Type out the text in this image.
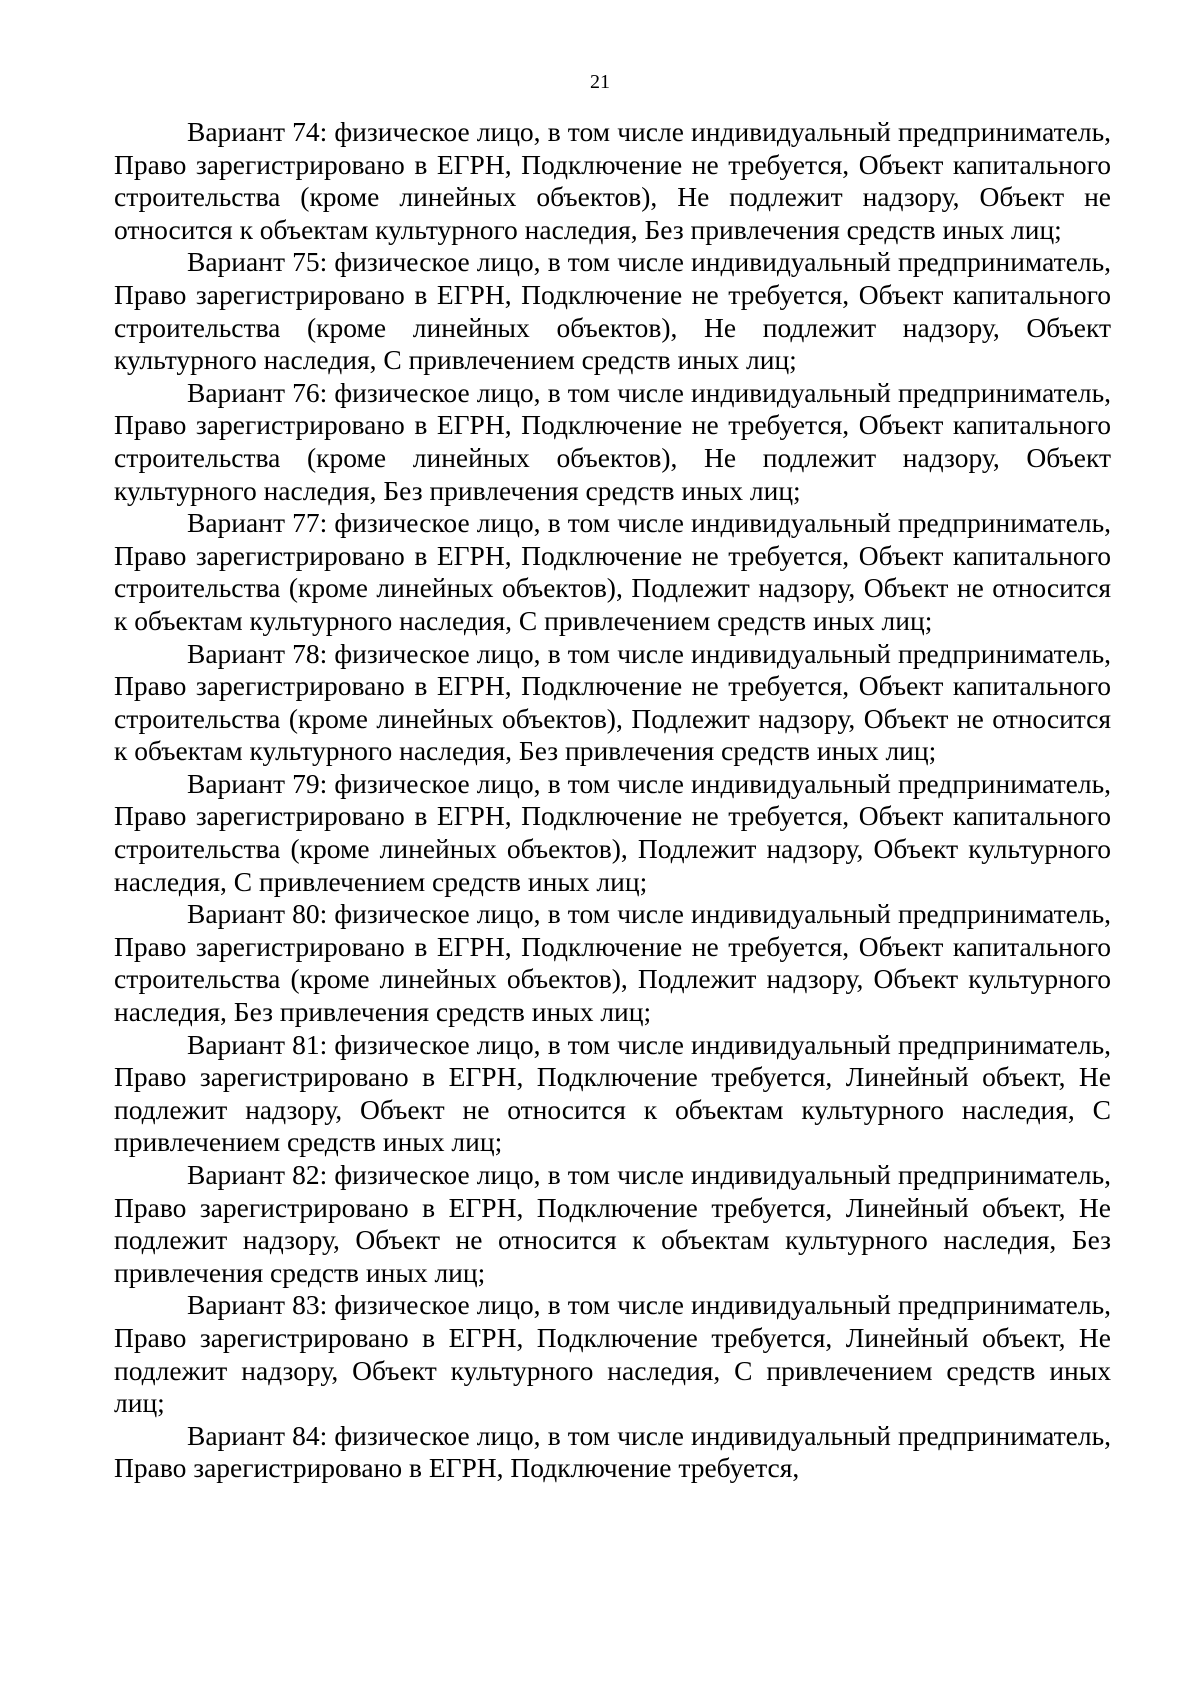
21

Вариант 74: физическое лицо, в том числе индивидуальный предприниматель, Право зарегистрировано в ЕГРН, Подключение не требуется, Объект капитального строительства (кроме линейных объектов), Не подлежит надзору, Объект не относится к объектам культурного наследия, Без привлечения средств иных лиц;

Вариант 75: физическое лицо, в том числе индивидуальный предприниматель, Право зарегистрировано в ЕГРН, Подключение не требуется, Объект капитального строительства (кроме линейных объектов), Не подлежит надзору, Объект культурного наследия, С привлечением средств иных лиц;

Вариант 76: физическое лицо, в том числе индивидуальный предприниматель, Право зарегистрировано в ЕГРН, Подключение не требуется, Объект капитального строительства (кроме линейных объектов), Не подлежит надзору, Объект культурного наследия, Без привлечения средств иных лиц;

Вариант 77: физическое лицо, в том числе индивидуальный предприниматель, Право зарегистрировано в ЕГРН, Подключение не требуется, Объект капитального строительства (кроме линейных объектов), Подлежит надзору, Объект не относится к объектам культурного наследия, С привлечением средств иных лиц;

Вариант 78: физическое лицо, в том числе индивидуальный предприниматель, Право зарегистрировано в ЕГРН, Подключение не требуется, Объект капитального строительства (кроме линейных объектов), Подлежит надзору, Объект не относится к объектам культурного наследия, Без привлечения средств иных лиц;

Вариант 79: физическое лицо, в том числе индивидуальный предприниматель, Право зарегистрировано в ЕГРН, Подключение не требуется, Объект капитального строительства (кроме линейных объектов), Подлежит надзору, Объект культурного наследия, С привлечением средств иных лиц;

Вариант 80: физическое лицо, в том числе индивидуальный предприниматель, Право зарегистрировано в ЕГРН, Подключение не требуется, Объект капитального строительства (кроме линейных объектов), Подлежит надзору, Объект культурного наследия, Без привлечения средств иных лиц;

Вариант 81: физическое лицо, в том числе индивидуальный предприниматель, Право зарегистрировано в ЕГРН, Подключение требуется, Линейный объект, Не подлежит надзору, Объект не относится к объектам культурного наследия, С привлечением средств иных лиц;

Вариант 82: физическое лицо, в том числе индивидуальный предприниматель, Право зарегистрировано в ЕГРН, Подключение требуется, Линейный объект, Не подлежит надзору, Объект не относится к объектам культурного наследия, Без привлечения средств иных лиц;

Вариант 83: физическое лицо, в том числе индивидуальный предприниматель, Право зарегистрировано в ЕГРН, Подключение требуется, Линейный объект, Не подлежит надзору, Объект культурного наследия, С привлечением средств иных лиц;

Вариант 84: физическое лицо, в том числе индивидуальный предприниматель, Право зарегистрировано в ЕГРН, Подключение требуется,
